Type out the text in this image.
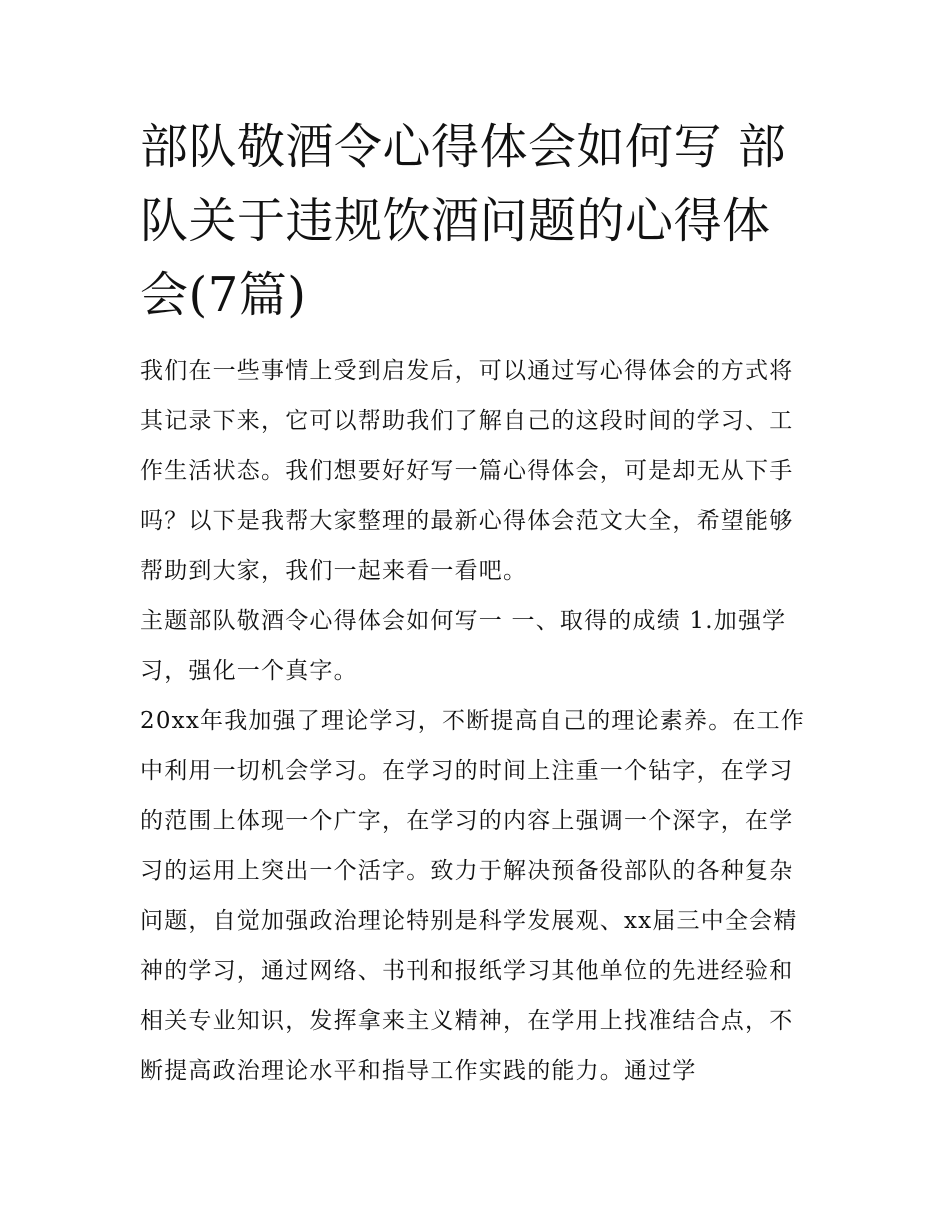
部队敬酒令心得体会如何写 部队关于违规饮酒问题的心得体会(7篇)

我们在一些事情上受到启发后，可以通过写心得体会的方式将其记录下来，它可以帮助我们了解自己的这段时间的学习、工作生活状态。我们想要好好写一篇心得体会，可是却无从下手吗？以下是我帮大家整理的最新心得体会范文大全，希望能够帮助到大家，我们一起来看一看吧。

主题部队敬酒令心得体会如何写一 一、取得的成绩 1.加强学习，强化一个真字。

20xx年我加强了理论学习，不断提高自己的理论素养。在工作中利用一切机会学习。在学习的时间上注重一个钻字，在学习的范围上体现一个广字，在学习的内容上强调一个深字，在学习的运用上突出一个活字。致力于解决预备役部队的各种复杂问题，自觉加强政治理论特别是科学发展观、xx届三中全会精神的学习，通过网络、书刊和报纸学习其他单位的先进经验和相关专业知识，发挥拿来主义精神，在学用上找准结合点，不断提高政治理论水平和指导工作实践的能力。通过学
